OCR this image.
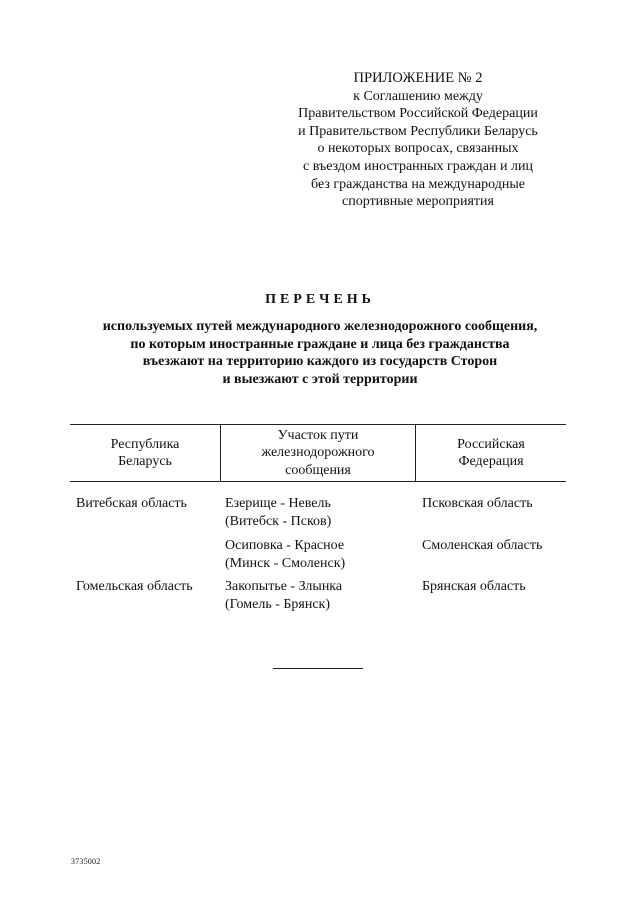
ПРИЛОЖЕНИЕ № 2
к Соглашению между
Правительством Российской Федерации
и Правительством Республики Беларусь
о некоторых вопросах, связанных
с въездом иностранных граждан и лиц
без гражданства на международные
спортивные мероприятия
ПЕРЕЧЕНЬ
используемых путей международного железнодорожного сообщения,
по которым иностранные граждане и лица без гражданства
въезжают на территорию каждого из государств Сторон
и выезжают с этой территории
Республика
Беларусь
Участок пути
железнодорожного
сообщения
Российская
Федерация
Витебская область	Езерище - Невель
(Витебск - Псков)
Псковская область
Осиповка - Красное
(Минск - Смоленск)
Смоленская область
Гомельская область Закопытье - Злынка
(Гомель - Брянск)
Брянская область
3735002
